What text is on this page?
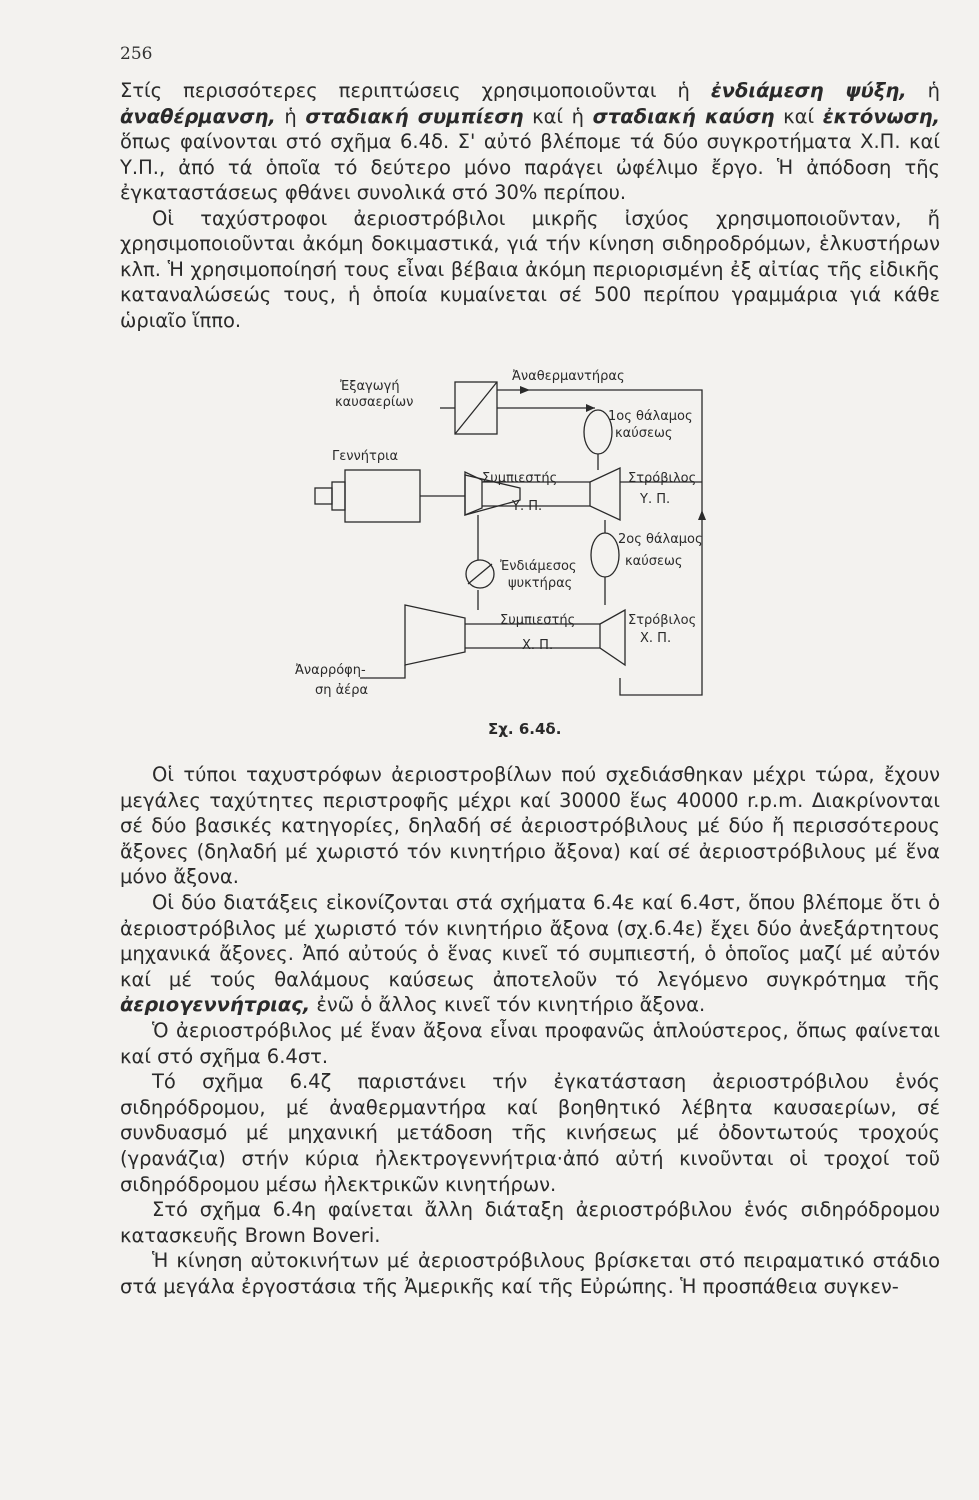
256

Στίς περισσότερες περιπτώσεις χρησιμοποιοῦνται ἡ ἐνδιάμεση ψύξη, ἡ ἀναθέρμανση, ἡ σταδιακή συμπίεση καί ἡ σταδιακή καύση καί ἐκτόνωση, ὅπως φαίνονται στό σχῆμα 6.4δ. Σ' αὐτό βλέπομε τά δύο συγκροτήματα Χ.Π. καί Υ.Π., ἀπό τά ὁποῖα τό δεύτερο μόνο παράγει ὠφέλιμο ἔργο. Ἡ ἀπόδοση τῆς ἐγκαταστάσεως φθάνει συνολικά στό 30% περίπου.

Οἱ ταχύστροφοι ἀεριοστρόβιλοι μικρῆς ἰσχύος χρησιμοποιοῦνταν, ἤ χρησιμοποιοῦνται ἀκόμη δοκιμαστικά, γιά τήν κίνηση σιδηροδρόμων, ἑλκυστήρων κλπ. Ἡ χρησιμοποίησή τους εἶναι βέβαια ἀκόμη περιορισμένη ἐξ αἰτίας τῆς εἰδικῆς καταναλώσεώς τους, ἡ ὁποία κυμαίνεται σέ 500 περίπου γραμμάρια γιά κάθε ὡριαῖο ἵππο.

Ἐξαγωγή
καυσαερίων
Ἀναθερμαντήρας
1ος θάλαμος
καύσεως
Γεννήτρια
Συμπιεστής
Υ. Π.
Στρόβιλος
Υ. Π.
2ος θάλαμος
καύσεως
Ἐνδιάμεσος
ψυκτήρας
Συμπιεστής
Χ. Π.
Στρόβιλος
Χ. Π.
Ἀναρρόφη-
ση ἀέρα
Σχ. 6.4δ.

Οἱ τύποι ταχυστρόφων ἀεριοστροβίλων πού σχεδιάσθηκαν μέχρι τώρα, ἔχουν μεγάλες ταχύτητες περιστροφῆς μέχρι καί 30000 ἕως 40000 r.p.m. Διακρίνονται σέ δύο βασικές κατηγορίες, δηλαδή σέ ἀεριοστρόβιλους μέ δύο ἤ περισσότερους ἄξονες (δηλαδή μέ χωριστό τόν κινητήριο ἄξονα) καί σέ ἀεριοστρόβιλους μέ ἕνα μόνο ἄξονα.

Οἱ δύο διατάξεις εἰκονίζονται στά σχήματα 6.4ε καί 6.4στ, ὅπου βλέπομε ὅτι ὁ ἀεριοστρόβιλος μέ χωριστό τόν κινητήριο ἄξονα (σχ.6.4ε) ἔχει δύο ἀνεξάρτητους μηχανικά ἄξονες. Ἀπό αὐτούς ὁ ἕνας κινεῖ τό συμπιεστή, ὁ ὁποῖος μαζί μέ αὐτόν καί μέ τούς θαλάμους καύσεως ἀποτελοῦν τό λεγόμενο συγκρότημα τῆς ἀεριογεννήτριας, ἐνῶ ὁ ἄλλος κινεῖ τόν κινητήριο ἄξονα.

Ὁ ἀεριοστρόβιλος μέ ἕναν ἄξονα εἶναι προφανῶς ἁπλούστερος, ὅπως φαίνεται καί στό σχῆμα 6.4στ.

Τό σχῆμα 6.4ζ παριστάνει τήν ἐγκατάσταση ἀεριοστρόβιλου ἑνός σιδηρόδρομου, μέ ἀναθερμαντήρα καί βοηθητικό λέβητα καυσαερίων, σέ συνδυασμό μέ μηχανική μετάδοση τῆς κινήσεως μέ ὀδοντωτούς τροχούς (γρανάζια) στήν κύρια ἠλεκτρογεννήτρια·ἀπό αὐτή κινοῦνται οἱ τροχοί τοῦ σιδηρόδρομου μέσω ἠλεκτρικῶν κινητήρων.

Στό σχῆμα 6.4η φαίνεται ἄλλη διάταξη ἀεριοστρόβιλου ἑνός σιδηρόδρομου κατασκευῆς Brown Boveri.

Ἡ κίνηση αὐτοκινήτων μέ ἀεριοστρόβιλους βρίσκεται στό πειραματικό στάδιο στά μεγάλα ἐργοστάσια τῆς Ἀμερικῆς καί τῆς Εὐρώπης. Ἡ προσπάθεια συγκεν-
